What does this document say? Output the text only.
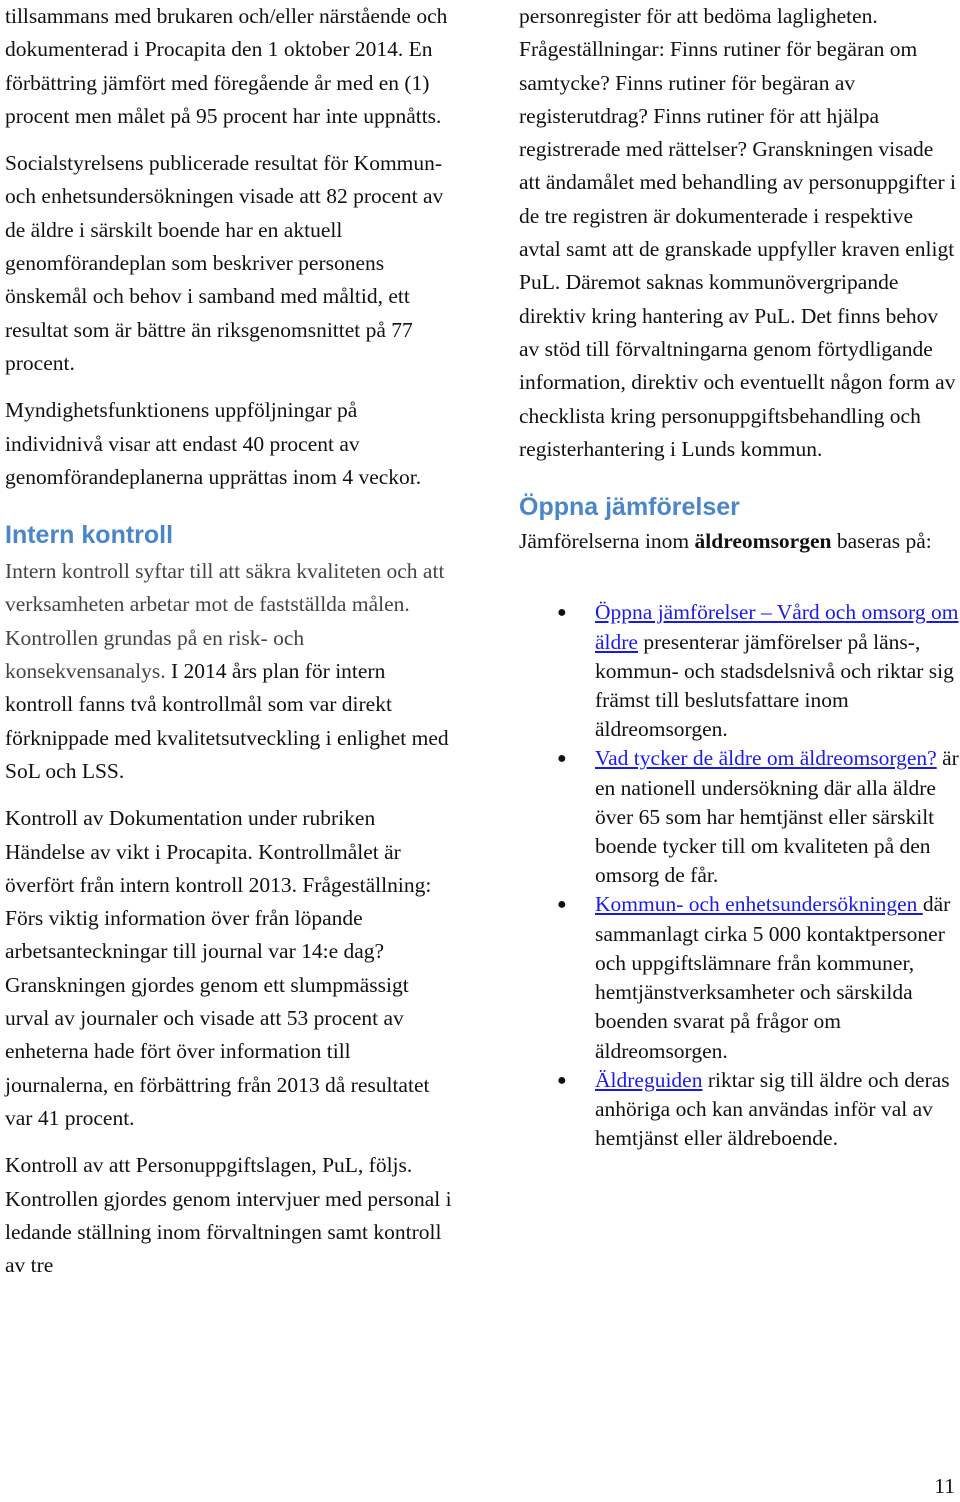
tillsammans med brukaren och/eller närstående och dokumenterad i Procapita den 1 oktober 2014. En förbättring jämfört med föregående år med en (1) procent men målet på 95 procent har inte uppnåtts.

Socialstyrelsens publicerade resultat för Kommun- och enhetsundersökningen visade att 82 procent av de äldre i särskilt boende har en aktuell genomförandeplan som beskriver personens önskemål och behov i samband med måltid, ett resultat som är bättre än riksgenomsnittet på 77 procent.

Myndighetsfunktionens uppföljningar på individnivå visar att endast 40 procent av genomförandeplanerna upprättas inom 4 veckor.

Intern kontroll

Intern kontroll syftar till att säkra kvaliteten och att verksamheten arbetar mot de fastställda målen. Kontrollen grundas på en risk- och konsekvensanalys. I 2014 års plan för intern kontroll fanns två kontrollmål som var direkt förknippade med kvalitetsutveckling i enlighet med SoL och LSS.

Kontroll av Dokumentation under rubriken Händelse av vikt i Procapita. Kontrollmålet är överfört från intern kontroll 2013. Frågeställning: Förs viktig information över från löpande arbetsanteckningar till journal var 14:e dag? Granskningen gjordes genom ett slumpmässigt urval av journaler och visade att 53 procent av enheterna hade fört över information till journalerna, en förbättring från 2013 då resultatet var 41 procent.

Kontroll av att Personuppgiftslagen, PuL, följs. Kontrollen gjordes genom intervjuer med personal i ledande ställning inom förvaltningen samt kontroll av tre

personregister för att bedöma lagligheten. Frågeställningar: Finns rutiner för begäran om samtycke? Finns rutiner för begäran av registerutdrag? Finns rutiner för att hjälpa registrerade med rättelser? Granskningen visade att ändamålet med behandling av personuppgifter i de tre registren är dokumenterade i respektive avtal samt att de granskade uppfyller kraven enligt PuL. Däremot saknas kommunövergripande direktiv kring hantering av PuL. Det finns behov av stöd till förvaltningarna genom förtydligande information, direktiv och eventuellt någon form av checklista kring personuppgiftsbehandling och registerhantering i Lunds kommun.

Öppna jämförelser

Jämförelserna inom äldreomsorgen baseras på:

● Öppna jämförelser – Vård och omsorg om äldre presenterar jämförelser på läns-, kommun- och stadsdelsnivå och riktar sig främst till beslutsfattare inom äldreomsorgen.
● Vad tycker de äldre om äldreomsorgen? är en nationell undersökning där alla äldre över 65 som har hemtjänst eller särskilt boende tycker till om kvaliteten på den omsorg de får.
● Kommun- och enhetsundersökningen där sammanlagt cirka 5 000 kontaktpersoner och uppgiftslämnare från kommuner, hemtjänstverksamheter och särskilda boenden svarat på frågor om äldreomsorgen.
● Äldreguiden riktar sig till äldre och deras anhöriga och kan användas inför val av hemtjänst eller äldreboende.
11
